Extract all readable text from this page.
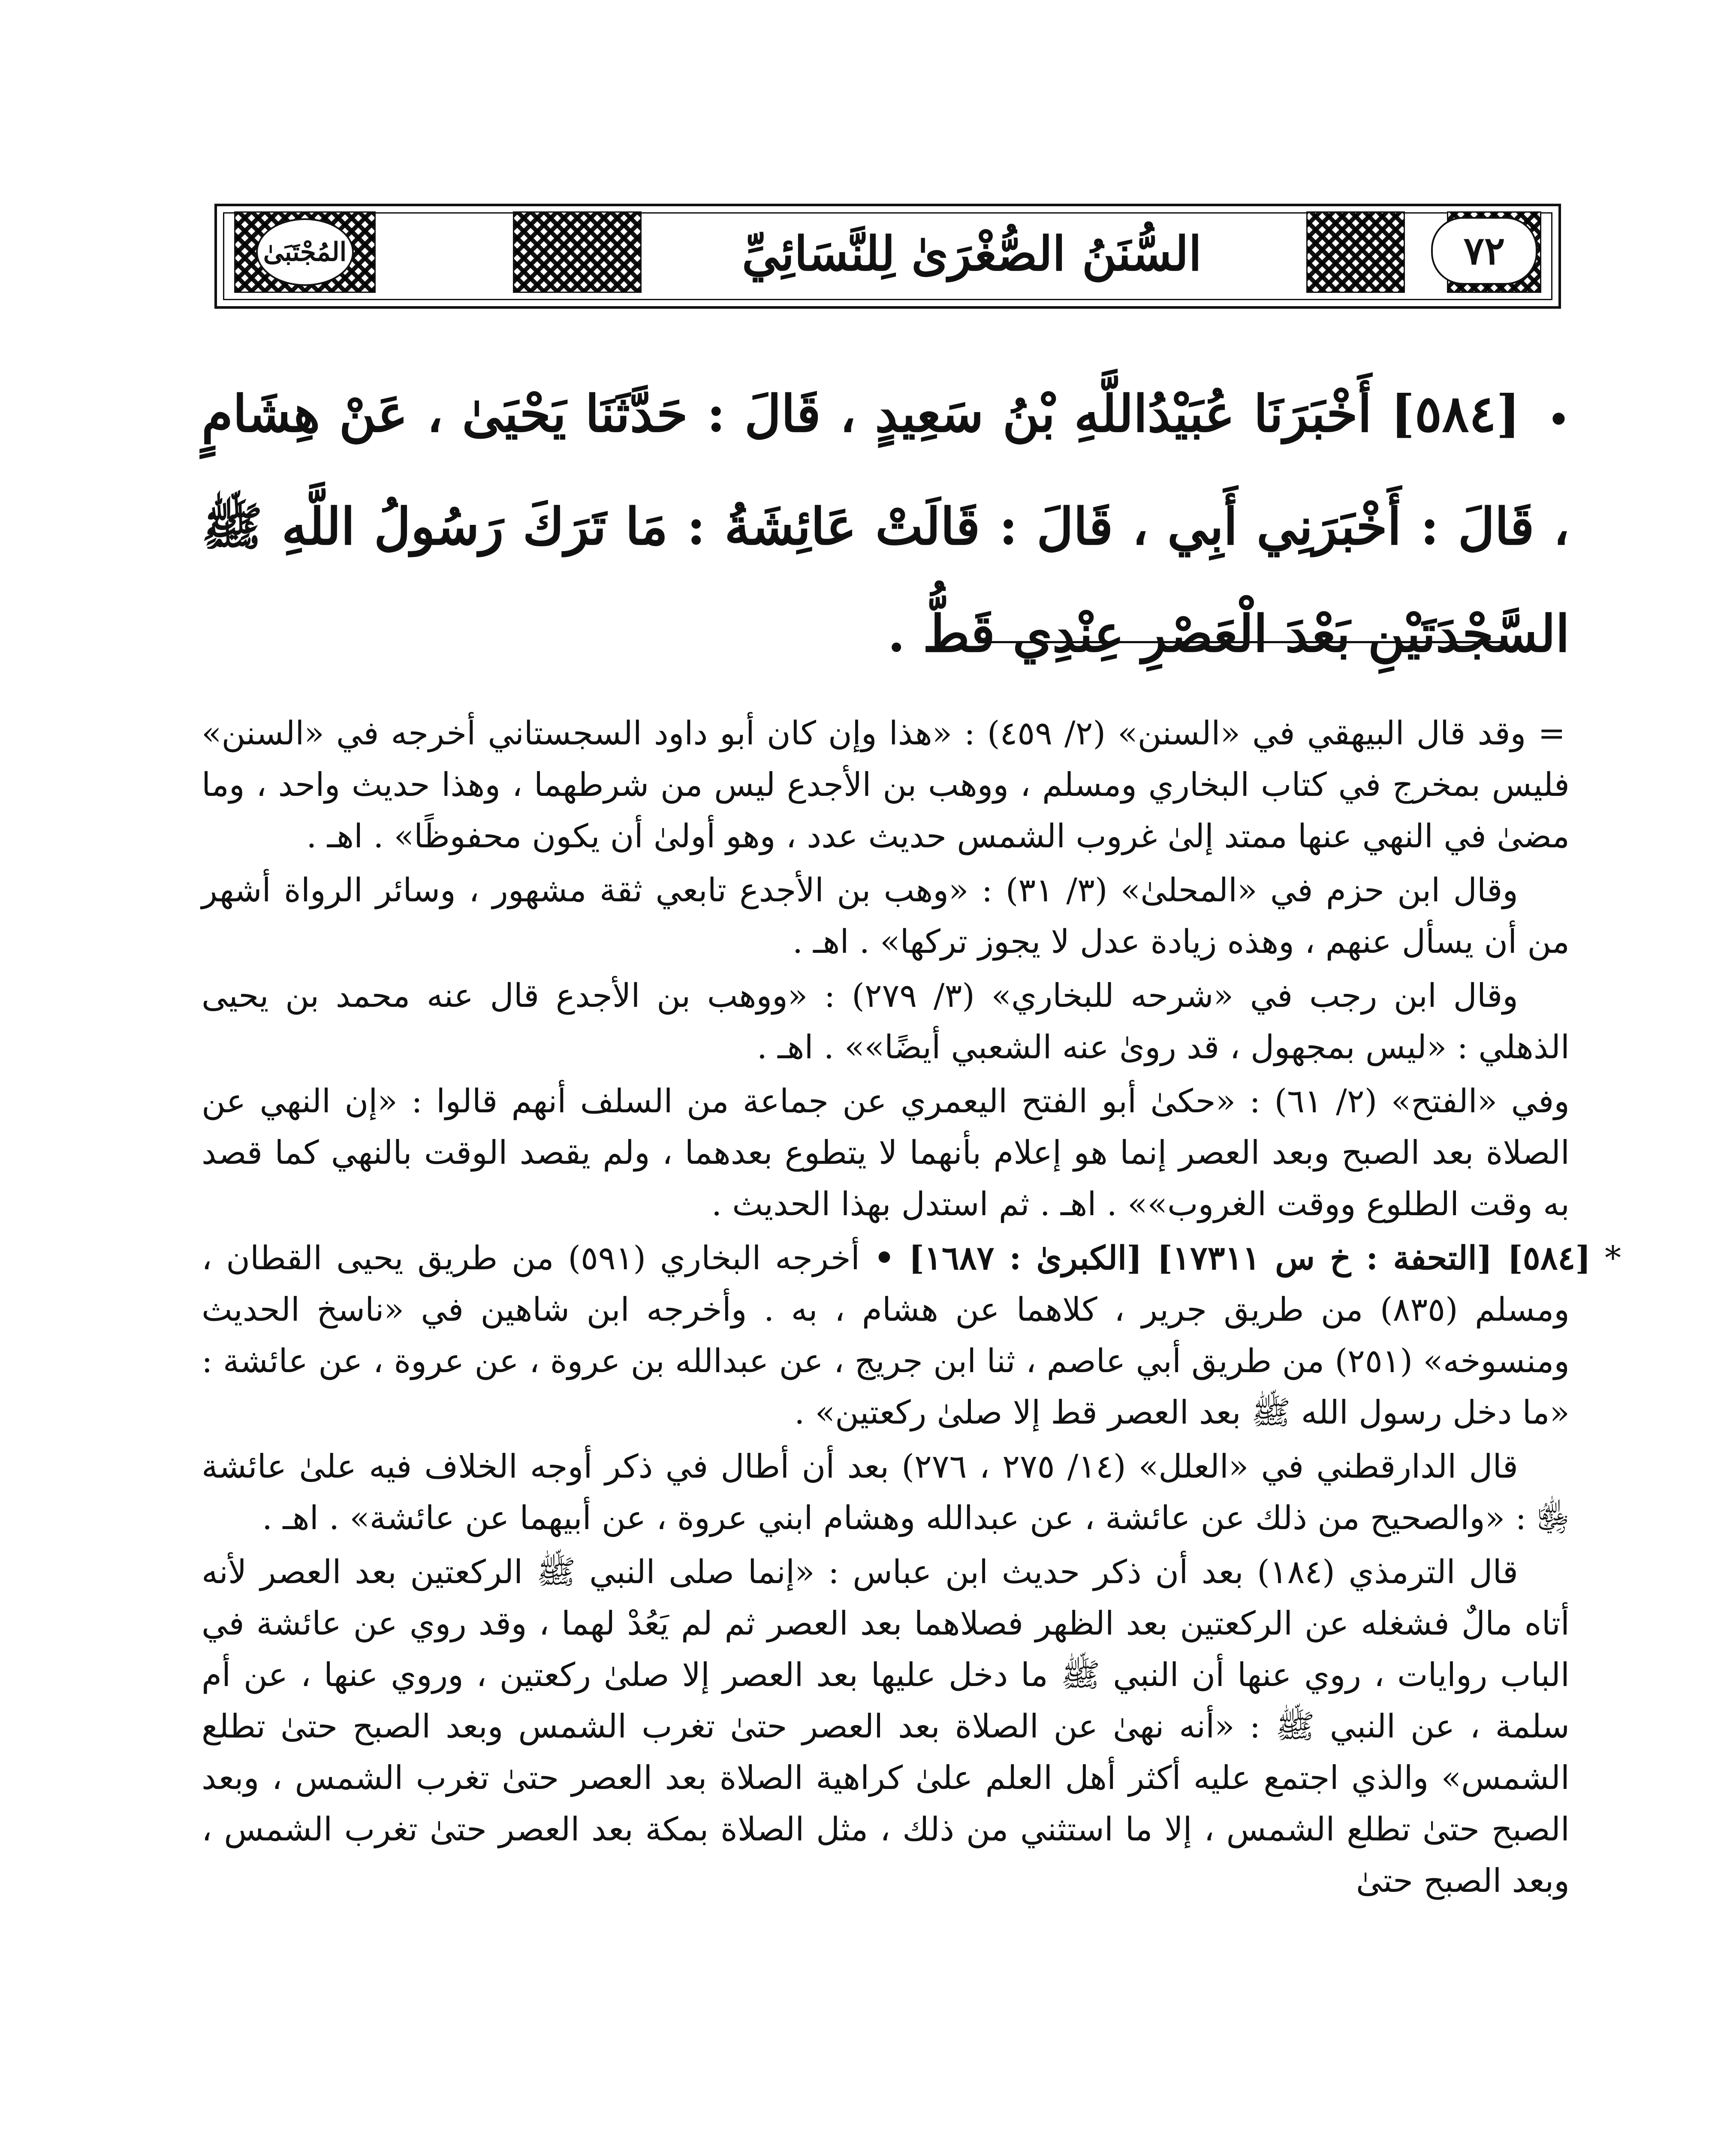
المُجْتَبَىٰ	السُّنَنُ الصُّغْرَىٰ لِلنَّسَائِيِّ	٧٢
• [٥٨٤] أَخْبَرَنَا عُبَيْدُاللَّهِ بْنُ سَعِيدٍ ، قَالَ : حَدَّثَنَا يَحْيَىٰ ، عَنْ هِشَامٍ ، قَالَ : أَخْبَرَنِي أَبِي ، قَالَ : قَالَتْ عَائِشَةُ : مَا تَرَكَ رَسُولُ اللَّهِ ﷺ السَّجْدَتَيْنِ بَعْدَ الْعَصْرِ عِنْدِي قَطُّ .

= وقد قال البيهقي في «السنن» (٢/ ٤٥٩) : «هذا وإن كان أبو داود السجستاني أخرجه في «السنن» فليس بمخرج في كتاب البخاري ومسلم ، ووهب بن الأجدع ليس من شرطهما ، وهذا حديث واحد ، وما مضىٰ في النهي عنها ممتد إلىٰ غروب الشمس حديث عدد ، وهو أولىٰ أن يكون محفوظًا» . اهـ .

وقال ابن حزم في «المحلىٰ» (٣/ ٣١) : «وهب بن الأجدع تابعي ثقة مشهور ، وسائر الرواة أشهر من أن يسأل عنهم ، وهذه زيادة عدل لا يجوز تركها» . اهـ .

وقال ابن رجب في «شرحه للبخاري» (٣/ ٢٧٩) : «ووهب بن الأجدع قال عنه محمد بن يحيى الذهلي : «ليس بمجهول ، قد روىٰ عنه الشعبي أيضًا»» . اهـ .

وفي «الفتح» (٢/ ٦١) : «حكىٰ أبو الفتح اليعمري عن جماعة من السلف أنهم قالوا : «إن النهي عن الصلاة بعد الصبح وبعد العصر إنما هو إعلام بأنهما لا يتطوع بعدهما ، ولم يقصد الوقت بالنهي كما قصد به وقت الطلوع ووقت الغروب»» . اهـ . ثم استدل بهذا الحديث .

* [٥٨٤] [التحفة : خ س ١٧٣١١] [الكبرىٰ : ١٦٨٧] • أخرجه البخاري (٥٩١) من طريق يحيى القطان ، ومسلم (٨٣٥) من طريق جرير ، كلاهما عن هشام ، به . وأخرجه ابن شاهين في «ناسخ الحديث ومنسوخه» (٢٥١) من طريق أبي عاصم ، ثنا ابن جريج ، عن عبدالله بن عروة ، عن عروة ، عن عائشة : «ما دخل رسول الله ﷺ بعد العصر قط إلا صلىٰ ركعتين» .

قال الدارقطني في «العلل» (١٤/ ٢٧٥ ، ٢٧٦) بعد أن أطال في ذكر أوجه الخلاف فيه علىٰ عائشة ﵂ : «والصحيح من ذلك عن عائشة ، عن عبدالله وهشام ابني عروة ، عن أبيهما عن عائشة» . اهـ .

قال الترمذي (١٨٤) بعد أن ذكر حديث ابن عباس : «إنما صلى النبي ﷺ الركعتين بعد العصر لأنه أتاه مالٌ فشغله عن الركعتين بعد الظهر فصلاهما بعد العصر ثم لم يَعُدْ لهما ، وقد روي عن عائشة في الباب روايات ، روي عنها أن النبي ﷺ ما دخل عليها بعد العصر إلا صلىٰ ركعتين ، وروي عنها ، عن أم سلمة ، عن النبي ﷺ : «أنه نهىٰ عن الصلاة بعد العصر حتىٰ تغرب الشمس وبعد الصبح حتىٰ تطلع الشمس» والذي اجتمع عليه أكثر أهل العلم علىٰ كراهية الصلاة بعد العصر حتىٰ تغرب الشمس ، وبعد الصبح حتىٰ تطلع الشمس ، إلا ما استثني من ذلك ، مثل الصلاة بمكة بعد العصر حتىٰ تغرب الشمس ، وبعد الصبح حتىٰ
